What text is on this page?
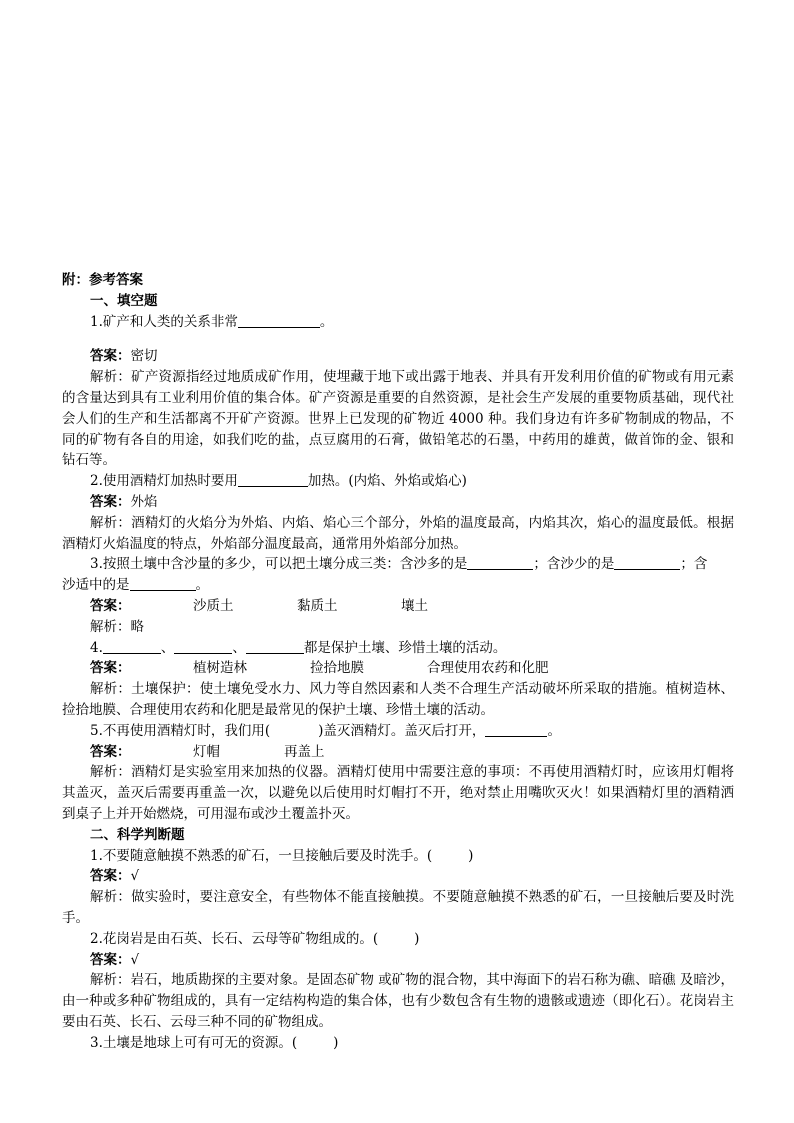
附：参考答案
一、填空题
1.矿产和人类的关系非常	。
答案：密切
解析：矿产资源指经过地质成矿作用，使埋藏于地下或出露于地表、并具有开发利用价值的矿物或有用元素的含量达到具有工业利用价值的集合体。矿产资源是重要的自然资源，是社会生产发展的重要物质基础，现代社会人们的生产和生活都离不开矿产资源。世界上已发现的矿物近 4000 种。我们身边有许多矿物制成的物品，不同的矿物有各自的用途，如我们吃的盐，点豆腐用的石膏，做铅笔芯的石墨，中药用的雄黄，做首饰的金、银和钻石等。
2.使用酒精灯加热时要用	加热。(内焰、外焰或焰心)
答案：外焰
解析：酒精灯的火焰分为外焰、内焰、焰心三个部分，外焰的温度最高，内焰其次，焰心的温度最低。根据酒精灯火焰温度的特点，外焰部分温度最高，通常用外焰部分加热。
3.按照土壤中含沙量的多少，可以把土壤分成三类：含沙多的是	；含沙少的是	；含
沙适中的是	。
答案：	沙质土	黏质土	壤土
解析：略
4.	、	、	都是保护土壤、珍惜土壤的活动。
答案：	植树造林	捡拾地膜	合理使用农药和化肥
解析：土壤保护：使土壤免受水力、风力等自然因素和人类不合理生产活动破坏所采取的措施。植树造林、捡拾地膜、合理使用农药和化肥是最常见的保护土壤、珍惜土壤的活动。
5.不再使用酒精灯时，我们用(	)盖灭酒精灯。盖灭后打开，	。
答案：	灯帽	再盖上
解析：酒精灯是实验室用来加热的仪器。酒精灯使用中需要注意的事项：不再使用酒精灯时，应该用灯帽将其盖灭，盖灭后需要再重盖一次，以避免以后使用时灯帽打不开，绝对禁止用嘴吹灭火！如果酒精灯里的酒精洒到桌子上并开始燃烧，可用湿布或沙土覆盖扑灭。
二、科学判断题
1.不要随意触摸不熟悉的矿石，一旦接触后要及时洗手。(	)
答案：√
解析：做实验时，要注意安全，有些物体不能直接触摸。不要随意触摸不熟悉的矿石，一旦接触后要及时洗手。
2.花岗岩是由石英、长石、云母等矿物组成的。(	)
答案：√
解析：岩石，地质勘探的主要对象。是固态矿物 或矿物的混合物，其中海面下的岩石称为礁、暗礁 及暗沙，由一种或多种矿物组成的，具有一定结构构造的集合体，也有少数包含有生物的遗骸或遗迹（即化石）。花岗岩主要由石英、长石、云母三种不同的矿物组成。
3.土壤是地球上可有可无的资源。(	)
